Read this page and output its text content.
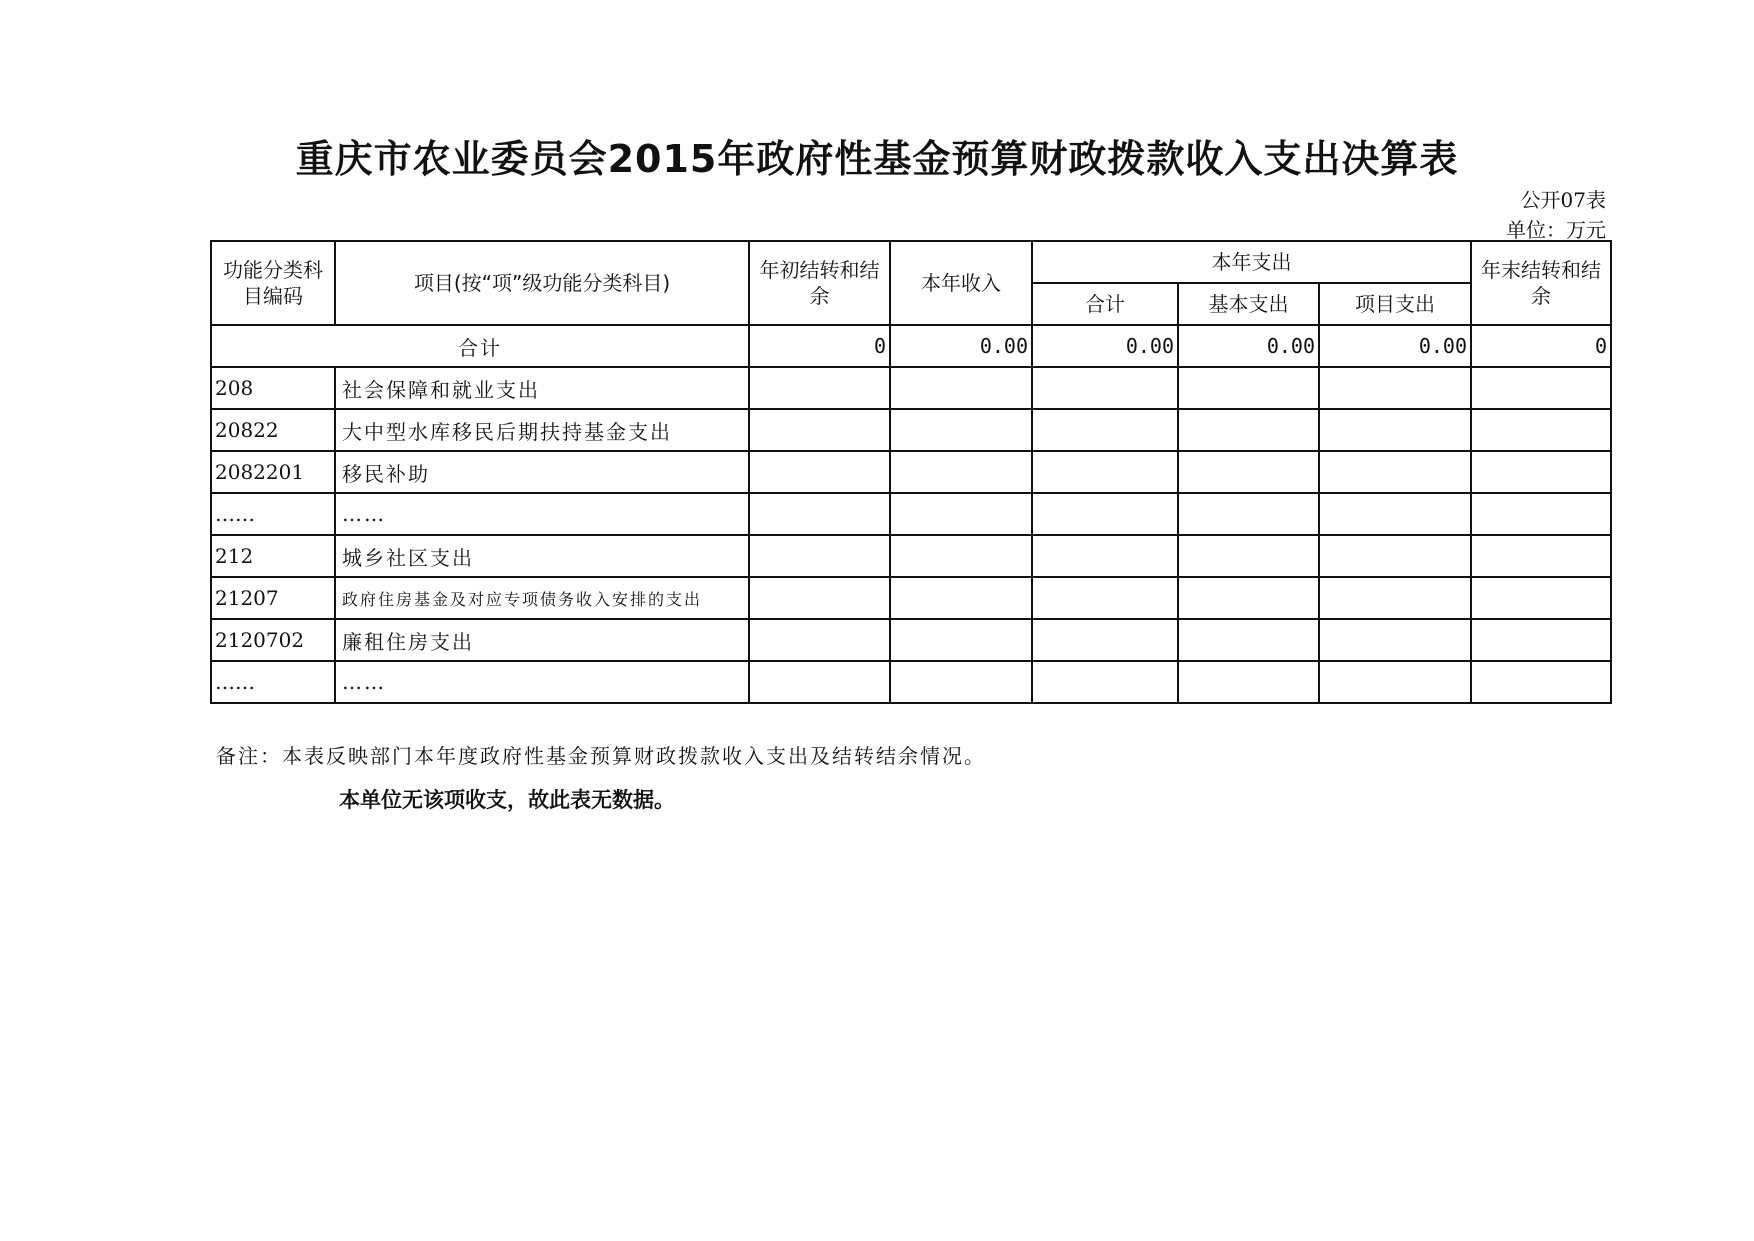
重庆市农业委员会2015年政府性基金预算财政拨款收入支出决算表
公开07表
单位：万元
功能分类科目编码	项目(按“项”级功能分类科目)	年初结转和结余	本年收入	本年支出			年末结转和结余
				合计	基本支出	项目支出	
合计		0	0.00	0.00	0.00	0.00	0
208	社会保障和就业支出						
20822	大中型水库移民后期扶持基金支出						
2082201	移民补助						
……	……						
212	城乡社区支出						
21207	政府住房基金及对应专项债务收入安排的支出						
2120702	廉租住房支出						
……	……						
备注：本表反映部门本年度政府性基金预算财政拨款收入支出及结转结余情况。
本单位无该项收支，故此表无数据。
